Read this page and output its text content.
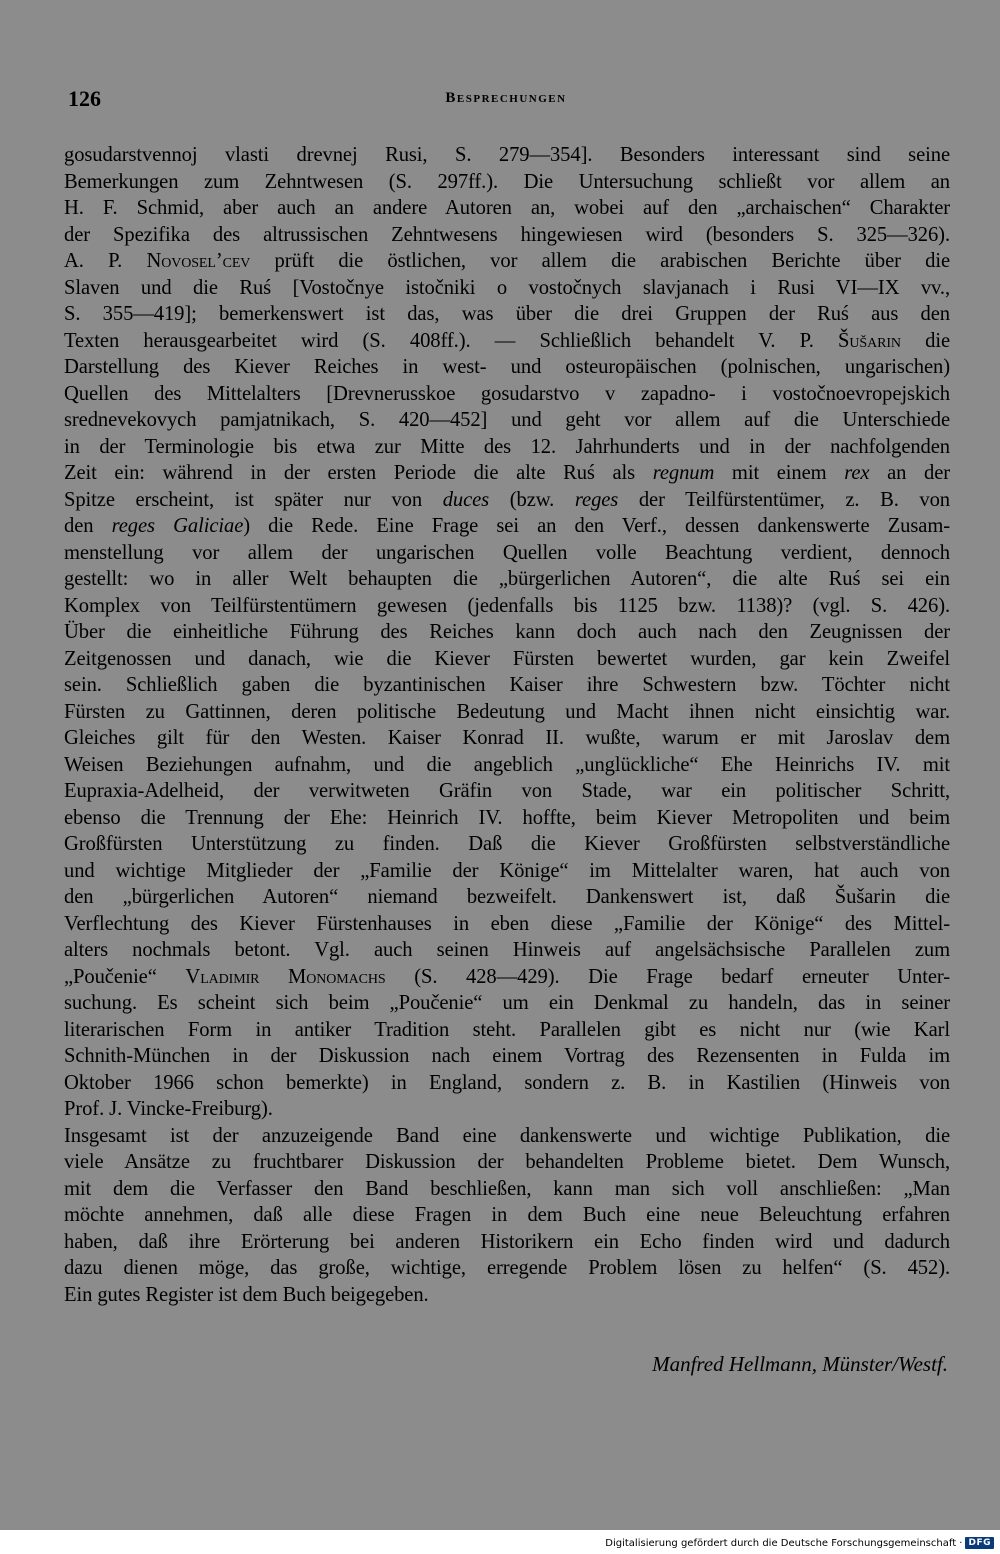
126	Besprechungen
gosudarstvennoj vlasti drevnej Rusi, S. 279—354]. Besonders interessant sind seine
Bemerkungen zum Zehntwesen (S. 297ff.). Die Untersuchung schließt vor allem an
H. F. Schmid, aber auch an andere Autoren an, wobei auf den „archaischen“ Charakter
der Spezifika des altrussischen Zehntwesens hingewiesen wird (besonders S. 325—326).
A. P. Novosel’cev prüft die östlichen, vor allem die arabischen Berichte über die
Slaven und die Ruś [Vostočnye istočniki o vostočnych slavjanach i Rusi VI—IX vv.,
S. 355—419]; bemerkenswert ist das, was über die drei Gruppen der Ruś aus den
Texten herausgearbeitet wird (S. 408ff.). — Schließlich behandelt V. P. Šušarin die
Darstellung des Kiever Reiches in west- und osteuropäischen (polnischen, ungarischen)
Quellen des Mittelalters [Drevnerusskoe gosudarstvo v zapadno- i vostočnoevropejskich
srednevekovych pamjatnikach, S. 420—452] und geht vor allem auf die Unterschiede
in der Terminologie bis etwa zur Mitte des 12. Jahrhunderts und in der nachfolgenden
Zeit ein: während in der ersten Periode die alte Ruś als regnum mit einem rex an der
Spitze erscheint, ist später nur von duces (bzw. reges der Teilfürstentümer, z. B. von
den reges Galiciae) die Rede. Eine Frage sei an den Verf., dessen dankenswerte Zusam-
menstellung vor allem der ungarischen Quellen volle Beachtung verdient, dennoch
gestellt: wo in aller Welt behaupten die „bürgerlichen Autoren“, die alte Ruś sei ein
Komplex von Teilfürstentümern gewesen (jedenfalls bis 1125 bzw. 1138)? (vgl. S. 426).
Über die einheitliche Führung des Reiches kann doch auch nach den Zeugnissen der
Zeitgenossen und danach, wie die Kiever Fürsten bewertet wurden, gar kein Zweifel
sein. Schließlich gaben die byzantinischen Kaiser ihre Schwestern bzw. Töchter nicht
Fürsten zu Gattinnen, deren politische Bedeutung und Macht ihnen nicht einsichtig war.
Gleiches gilt für den Westen. Kaiser Konrad II. wußte, warum er mit Jaroslav dem
Weisen Beziehungen aufnahm, und die angeblich „unglückliche“ Ehe Heinrichs IV. mit
Eupraxia-Adelheid, der verwitweten Gräfin von Stade, war ein politischer Schritt,
ebenso die Trennung der Ehe: Heinrich IV. hoffte, beim Kiever Metropoliten und beim
Großfürsten Unterstützung zu finden. Daß die Kiever Großfürsten selbstverständliche
und wichtige Mitglieder der „Familie der Könige“ im Mittelalter waren, hat auch von
den „bürgerlichen Autoren“ niemand bezweifelt. Dankenswert ist, daß Šušarin die
Verflechtung des Kiever Fürstenhauses in eben diese „Familie der Könige“ des Mittel-
alters nochmals betont. Vgl. auch seinen Hinweis auf angelsächsische Parallelen zum
„Poučenie“ Vladimir Monomachs (S. 428—429). Die Frage bedarf erneuter Unter-
suchung. Es scheint sich beim „Poučenie“ um ein Denkmal zu handeln, das in seiner
literarischen Form in antiker Tradition steht. Parallelen gibt es nicht nur (wie Karl
Schnith-München in der Diskussion nach einem Vortrag des Rezensenten in Fulda im
Oktober 1966 schon bemerkte) in England, sondern z. B. in Kastilien (Hinweis von
Prof. J. Vincke-Freiburg).
Insgesamt ist der anzuzeigende Band eine dankenswerte und wichtige Publikation, die
viele Ansätze zu fruchtbarer Diskussion der behandelten Probleme bietet. Dem Wunsch,
mit dem die Verfasser den Band beschließen, kann man sich voll anschließen: „Man
möchte annehmen, daß alle diese Fragen in dem Buch eine neue Beleuchtung erfahren
haben, daß ihre Erörterung bei anderen Historikern ein Echo finden wird und dadurch
dazu dienen möge, das große, wichtige, erregende Problem lösen zu helfen“ (S. 452).
Ein gutes Register ist dem Buch beigegeben.
Manfred Hellmann, Münster/Westf.
Digitalisierung gefördert durch die Deutsche Forschungsgemeinschaft · DFG
